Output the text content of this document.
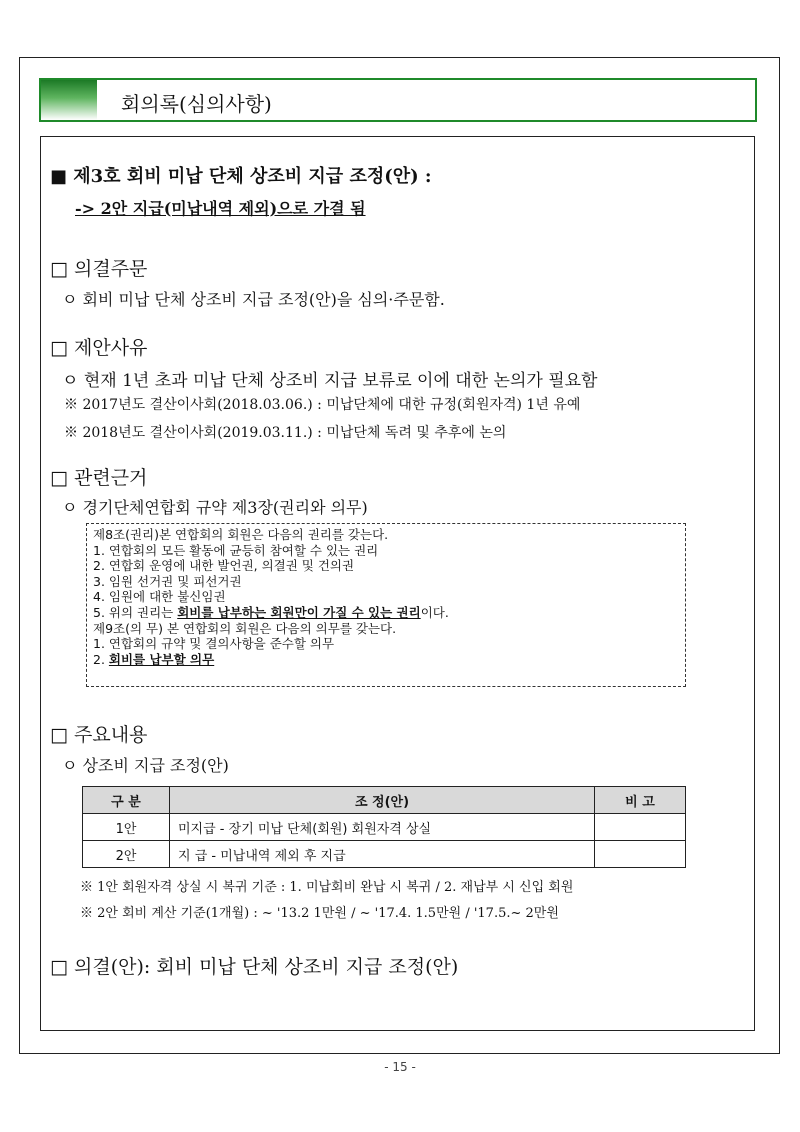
회의록(심의사항)
■ 제3호 회비 미납 단체 상조비 지급 조정(안) :
-> 2안 지급(미납내역 제외)으로 가결 됨
□ 의결주문
ㅇ 회비 미납 단체 상조비 지급 조정(안)을 심의·주문함.
□ 제안사유
ㅇ 현재 1년 초과 미납 단체 상조비 지급 보류로 이에 대한 논의가 필요함
※ 2017년도 결산이사회(2018.03.06.) : 미납단체에 대한 규정(회원자격) 1년 유예
※ 2018년도 결산이사회(2019.03.11.) : 미납단체 독려 및 추후에 논의
□ 관련근거
ㅇ 경기단체연합회 규약 제3장(권리와 의무)
제8조(권리)본 연합회의 회원은 다음의 권리를 갖는다.
1. 연합회의 모든 활동에 균등히 참여할 수 있는 권리
2. 연합회 운영에 내한 발언권, 의결권 및 건의권
3. 임원 선거권 및 피선거권
4. 임원에 대한 불신임권
5. 위의 권리는 회비를 납부하는 회원만이 가질 수 있는 권리이다.
제9조(의 무) 본 연합회의 회원은 다음의 의무를 갖는다.
1. 연합회의 규약 및 결의사항을 준수할 의무
2. 회비를 납부할 의무
□ 주요내용
ㅇ 상조비 지급 조정(안)
구 분	조 정(안)	비 고
1안	미지급 - 장기 미납 단체(회원) 회원자격 상실	
2안	지 급 - 미납내역 제외 후 지급	
※ 1안 회원자격 상실 시 복귀 기준 : 1. 미납회비 완납 시 복귀 / 2. 재납부 시 신입 회원
※ 2안 회비 계산 기준(1개월) : ~ '13.2 1만원 / ~ '17.4. 1.5만원 / '17.5.~ 2만원
□ 의결(안): 회비 미납 단체 상조비 지급 조정(안)
- 15 -
